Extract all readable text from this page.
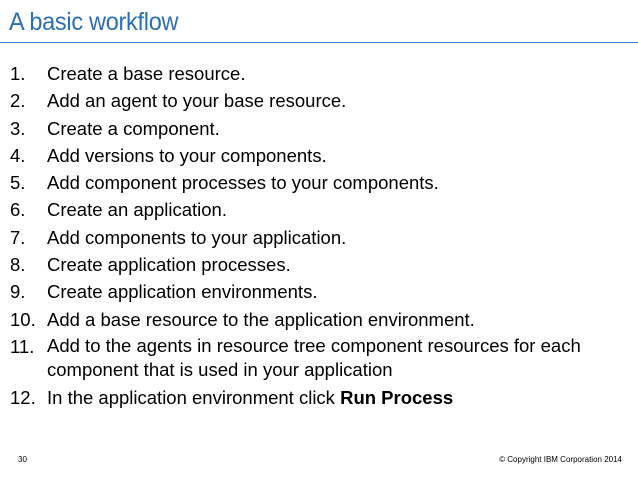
A basic workflow
1.	Create a base resource.
2.	Add an agent to your base resource.
3.	Create a component.
4.	Add versions to your components.
5.	Add component processes to your components.
6.	Create an application.
7.	Add components to your application.
8.	Create application processes.
9.	Create application environments.
10. Add a base resource to the application environment.
11. Add to the agents in resource tree component resources for each component that is used in your application
12. In the application environment click Run Process
30	© Copyright IBM Corporation 2014
